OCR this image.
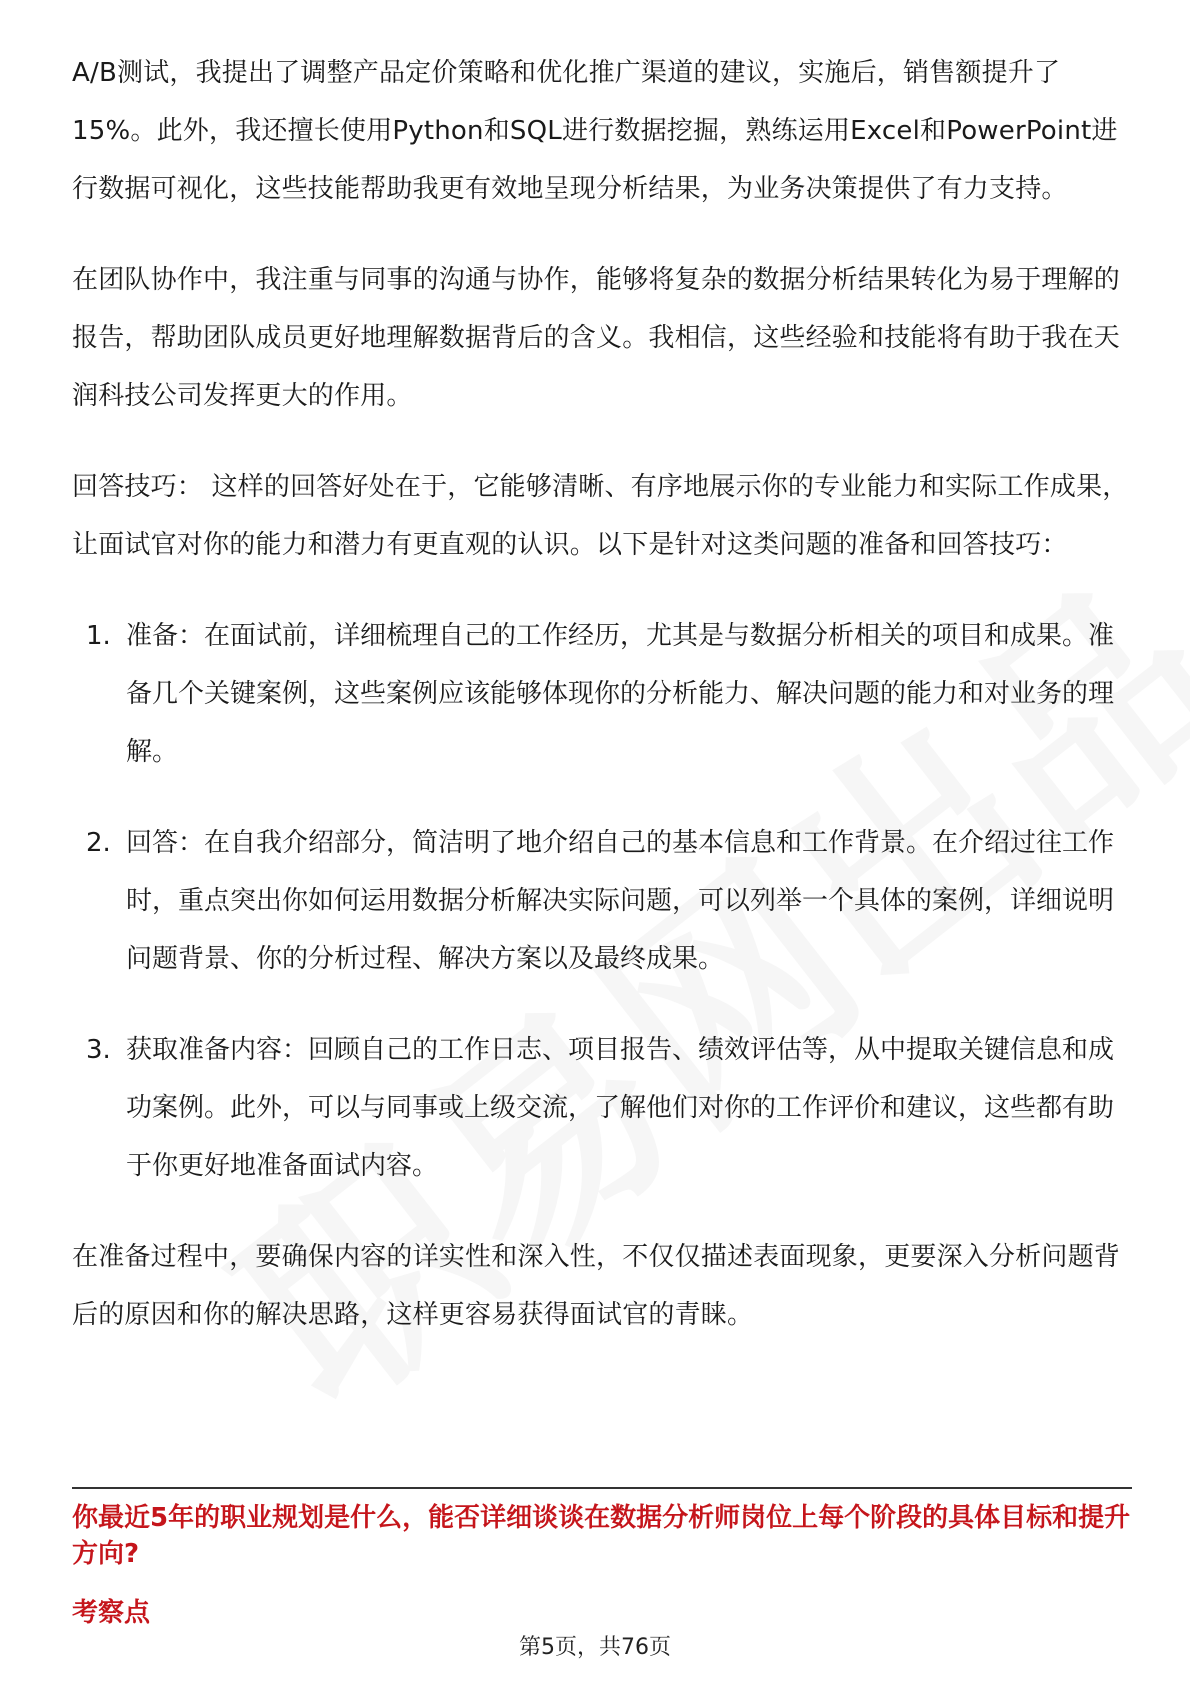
A/B测试，我提出了调整产品定价策略和优化推广渠道的建议，实施后，销售额提升了15%。此外，我还擅长使用Python和SQL进行数据挖掘，熟练运用Excel和PowerPoint进行数据可视化，这些技能帮助我更有效地呈现分析结果，为业务决策提供了有力支持。

在团队协作中，我注重与同事的沟通与协作，能够将复杂的数据分析结果转化为易于理解的报告，帮助团队成员更好地理解数据背后的含义。我相信，这些经验和技能将有助于我在天润科技公司发挥更大的作用。

回答技巧： 这样的回答好处在于，它能够清晰、有序地展示你的专业能力和实际工作成果，让面试官对你的能力和潜力有更直观的认识。以下是针对这类问题的准备和回答技巧：

1. 准备：在面试前，详细梳理自己的工作经历，尤其是与数据分析相关的项目和成果。准备几个关键案例，这些案例应该能够体现你的分析能力、解决问题的能力和对业务的理解。
2. 回答：在自我介绍部分，简洁明了地介绍自己的基本信息和工作背景。在介绍过往工作时，重点突出你如何运用数据分析解决实际问题，可以列举一个具体的案例，详细说明问题背景、你的分析过程、解决方案以及最终成果。
3. 获取准备内容：回顾自己的工作日志、项目报告、绩效评估等，从中提取关键信息和成功案例。此外，可以与同事或上级交流，了解他们对你的工作评价和建议，这些都有助于你更好地准备面试内容。

在准备过程中，要确保内容的详实性和深入性，不仅仅描述表面现象，更要深入分析问题背后的原因和你的解决思路，这样更容易获得面试官的青睐。

你最近5年的职业规划是什么，能否详细谈谈在数据分析师岗位上每个阶段的具体目标和提升方向?

考察点

第5页，共76页
